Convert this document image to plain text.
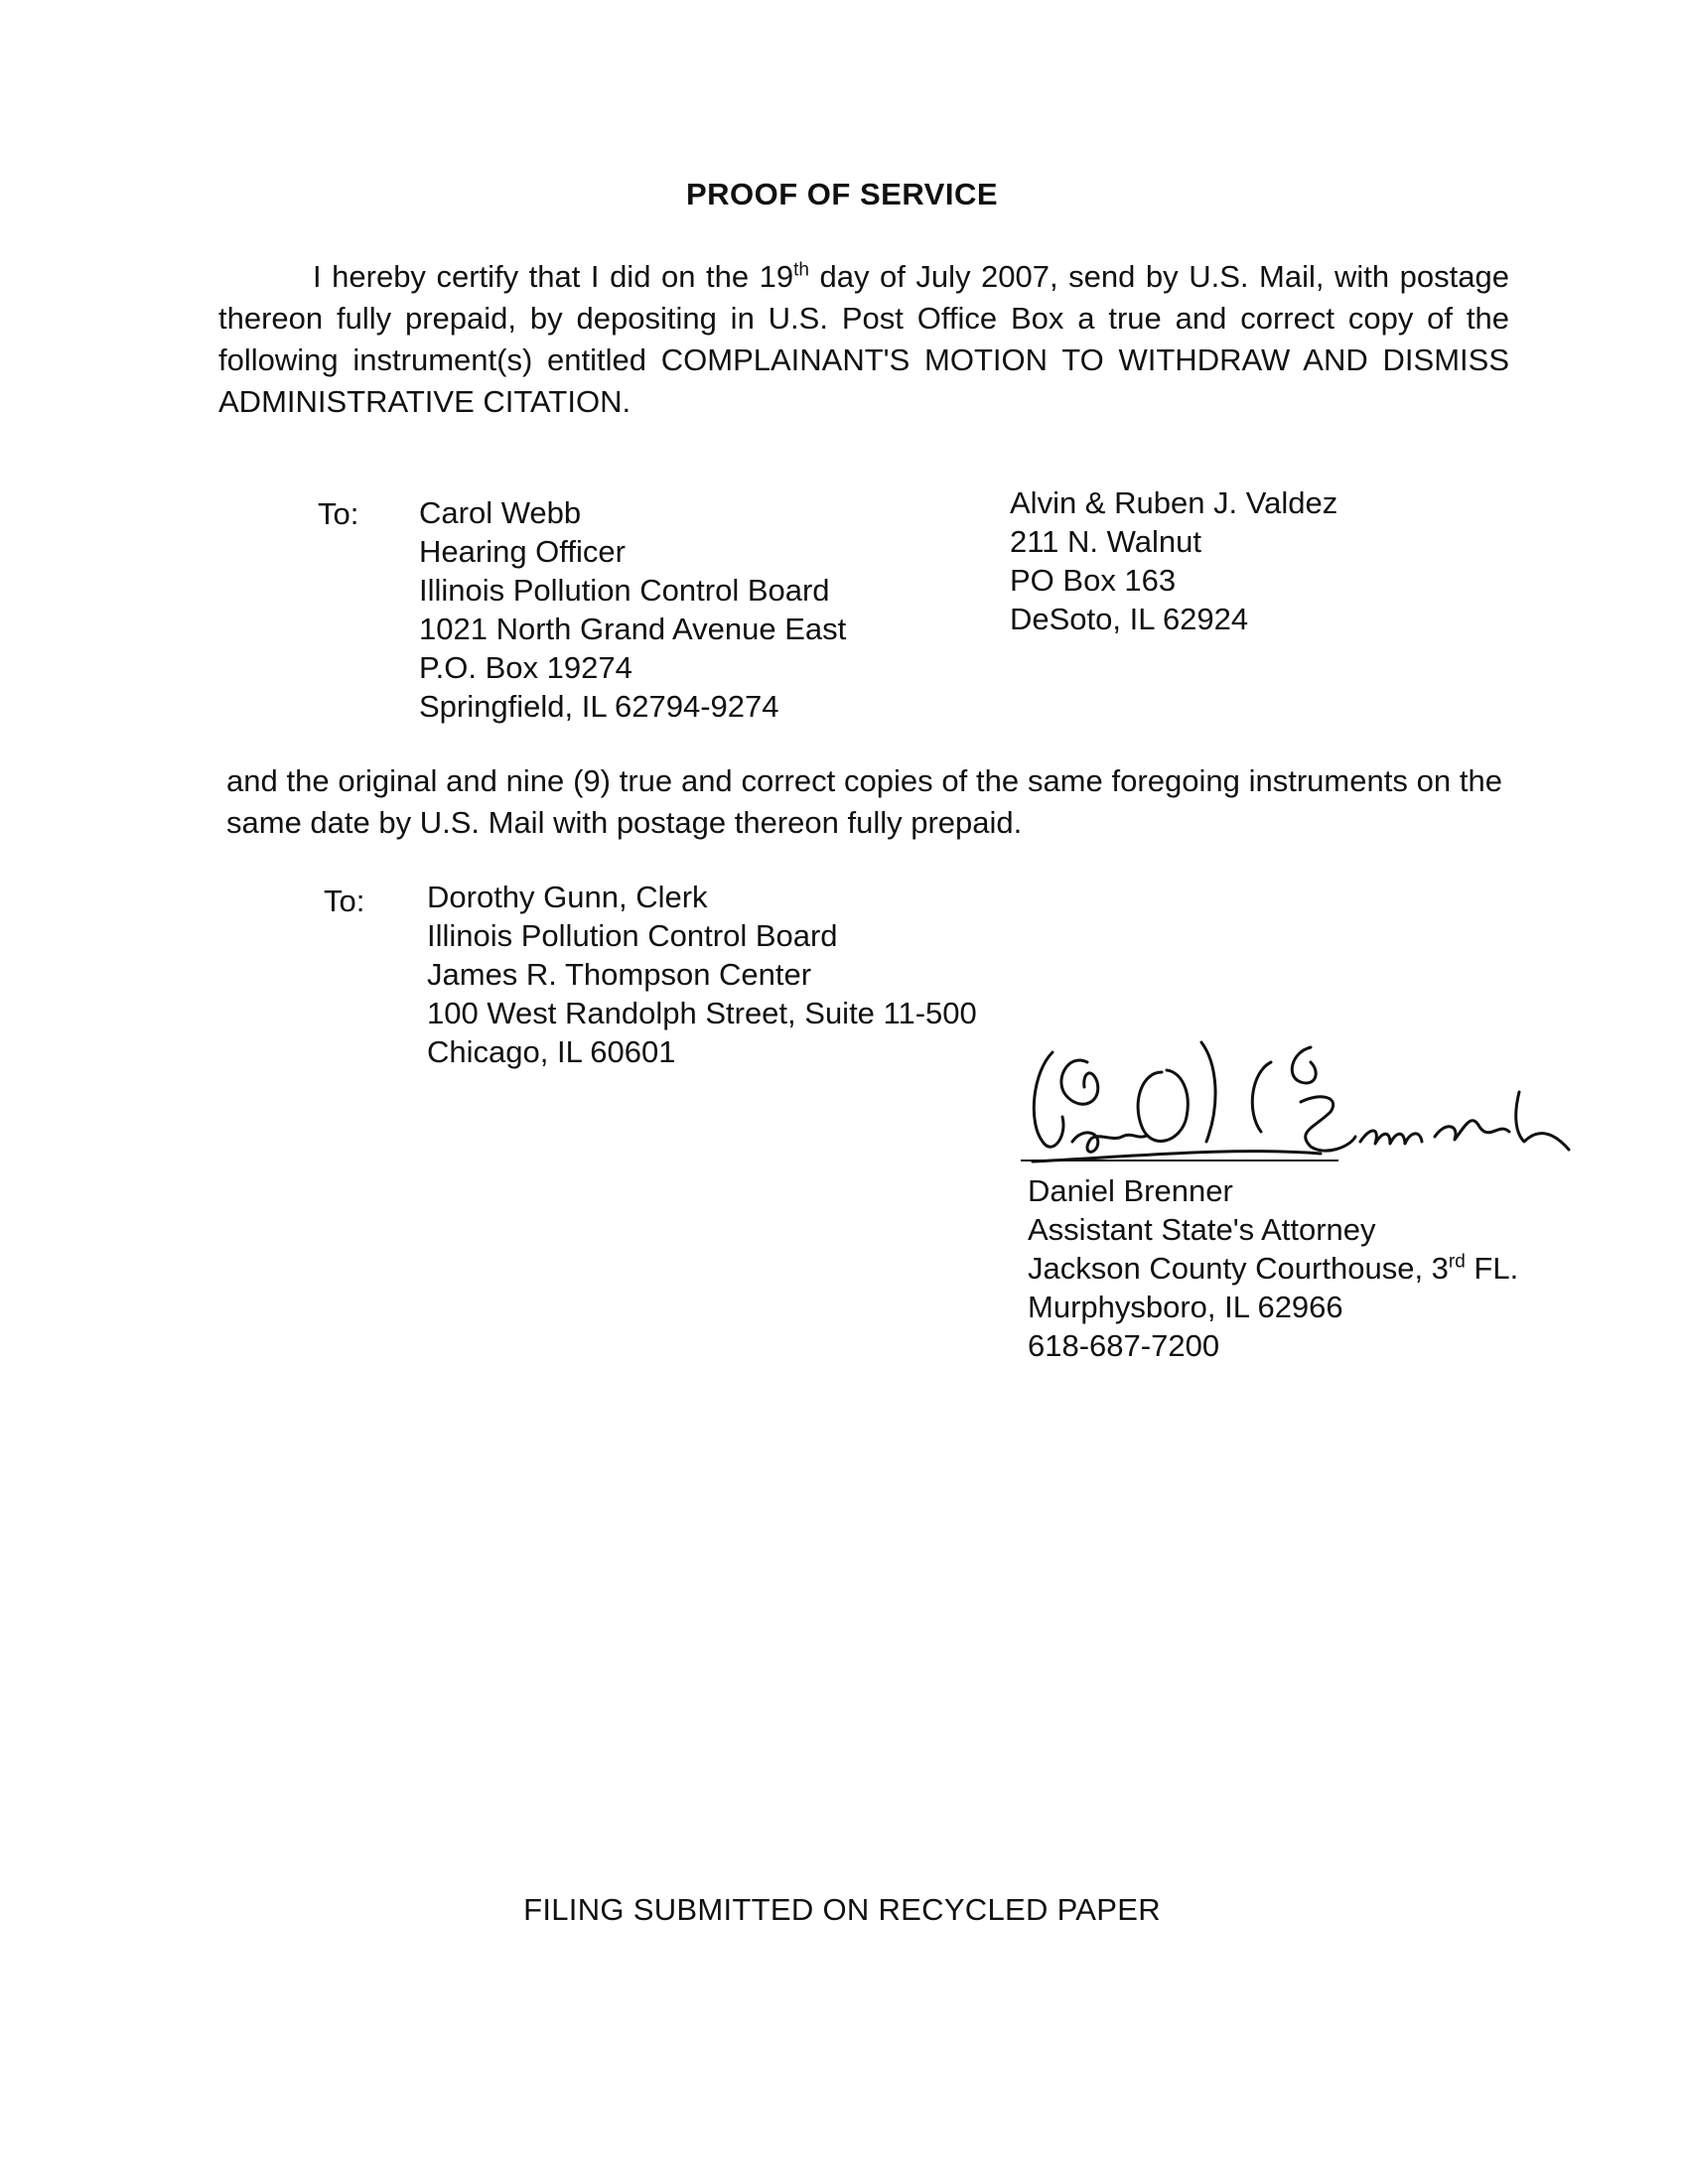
PROOF OF SERVICE

I hereby certify that I did on the 19th day of July 2007, send by U.S. Mail, with postage thereon fully prepaid, by depositing in U.S. Post Office Box a true and correct copy of the following instrument(s) entitled COMPLAINANT'S MOTION TO WITHDRAW AND DISMISS ADMINISTRATIVE CITATION.

To: Carol Webb
Hearing Officer
Illinois Pollution Control Board
1021 North Grand Avenue East
P.O. Box 19274
Springfield, IL 62794-9274
Alvin & Ruben J. Valdez
211 N. Walnut
PO Box 163
DeSoto, IL 62924

and the original and nine (9) true and correct copies of the same foregoing instruments on the same date by U.S. Mail with postage thereon fully prepaid.

To: Dorothy Gunn, Clerk
Illinois Pollution Control Board
James R. Thompson Center
100 West Randolph Street, Suite 11-500
Chicago, IL 60601
Daniel Brenner
Assistant State's Attorney
Jackson County Courthouse, 3rd FL.
Murphysboro, IL 62966
618-687-7200
FILING SUBMITTED ON RECYCLED PAPER
